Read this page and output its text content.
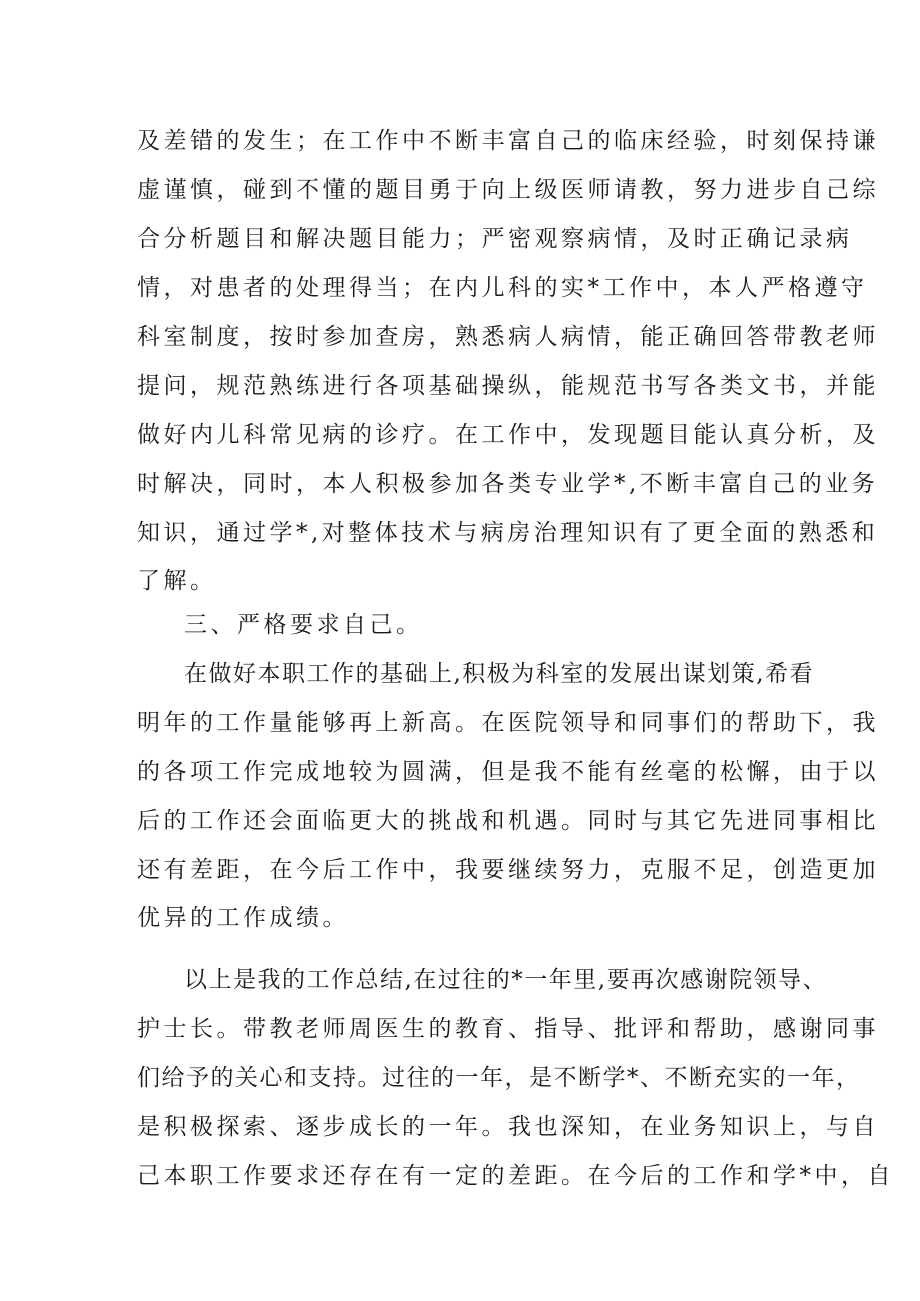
及差错的发生；在工作中不断丰富自己的临床经验，时刻保持谦
虚谨慎，碰到不懂的题目勇于向上级医师请教，努力进步自己综
合分析题目和解决题目能力；严密观察病情，及时正确记录病
情，对患者的处理得当；在内儿科的实*工作中，本人严格遵守
科室制度，按时参加查房，熟悉病人病情，能正确回答带教老师
提问，规范熟练进行各项基础操纵，能规范书写各类文书，并能
做好内儿科常见病的诊疗。在工作中，发现题目能认真分析，及
时解决，同时，本人积极参加各类专业学*,不断丰富自己的业务
知识，通过学*,对整体技术与病房治理知识有了更全面的熟悉和
了解。
三、严格要求自己。
在做好本职工作的基础上,积极为科室的发展出谋划策,希看
明年的工作量能够再上新高。在医院领导和同事们的帮助下，我
的各项工作完成地较为圆满，但是我不能有丝毫的松懈，由于以
后的工作还会面临更大的挑战和机遇。同时与其它先进同事相比
还有差距，在今后工作中，我要继续努力，克服不足，创造更加
优异的工作成绩。
以上是我的工作总结,在过往的*一年里,要再次感谢院领导、
护士长。带教老师周医生的教育、指导、批评和帮助，感谢同事
们给予的关心和支持。过往的一年，是不断学*、不断充实的一年，
是积极探索、逐步成长的一年。我也深知，在业务知识上，与自
己本职工作要求还存在有一定的差距。在今后的工作和学*中，自
